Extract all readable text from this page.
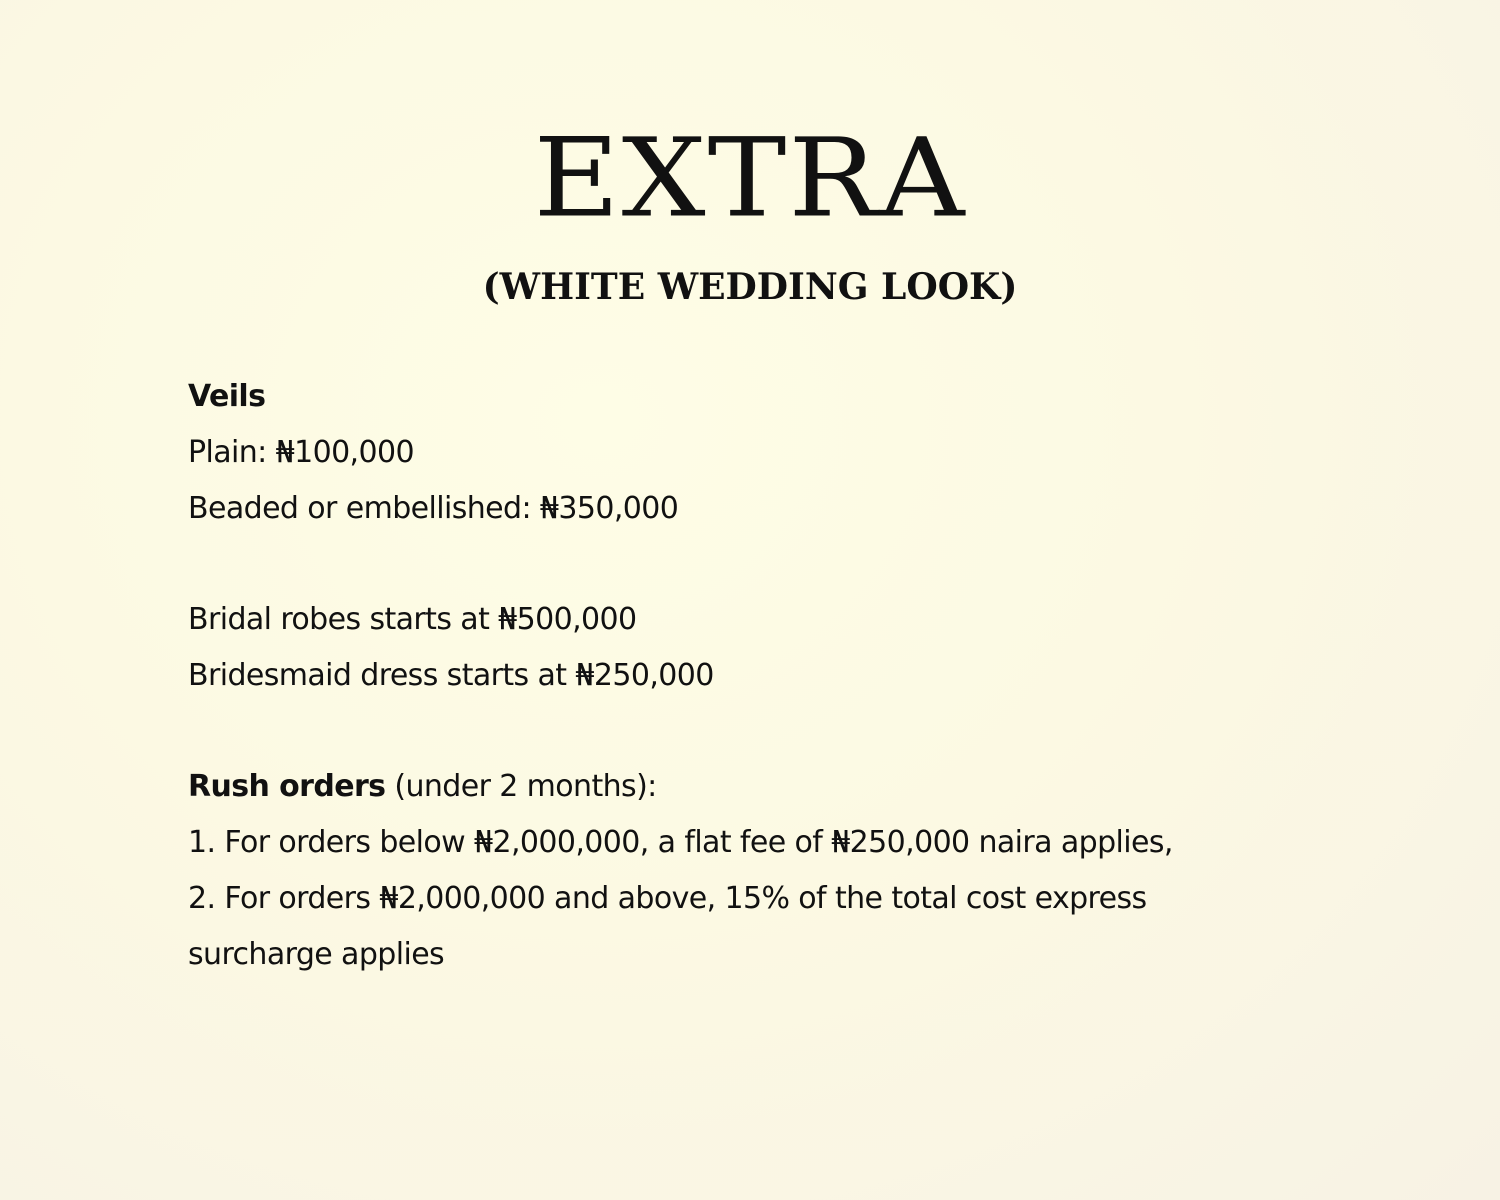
EXTRA
(WHITE WEDDING LOOK)
Veils
Plain: ₦100,000
Beaded or embellished: ₦350,000
Bridal robes starts at ₦500,000
Bridesmaid dress starts at ₦250,000
Rush orders (under 2 months):
1. For orders below ₦2,000,000, a flat fee of ₦250,000 naira applies,
2. For orders ₦2,000,000 and above, 15% of the total cost express
surcharge applies
